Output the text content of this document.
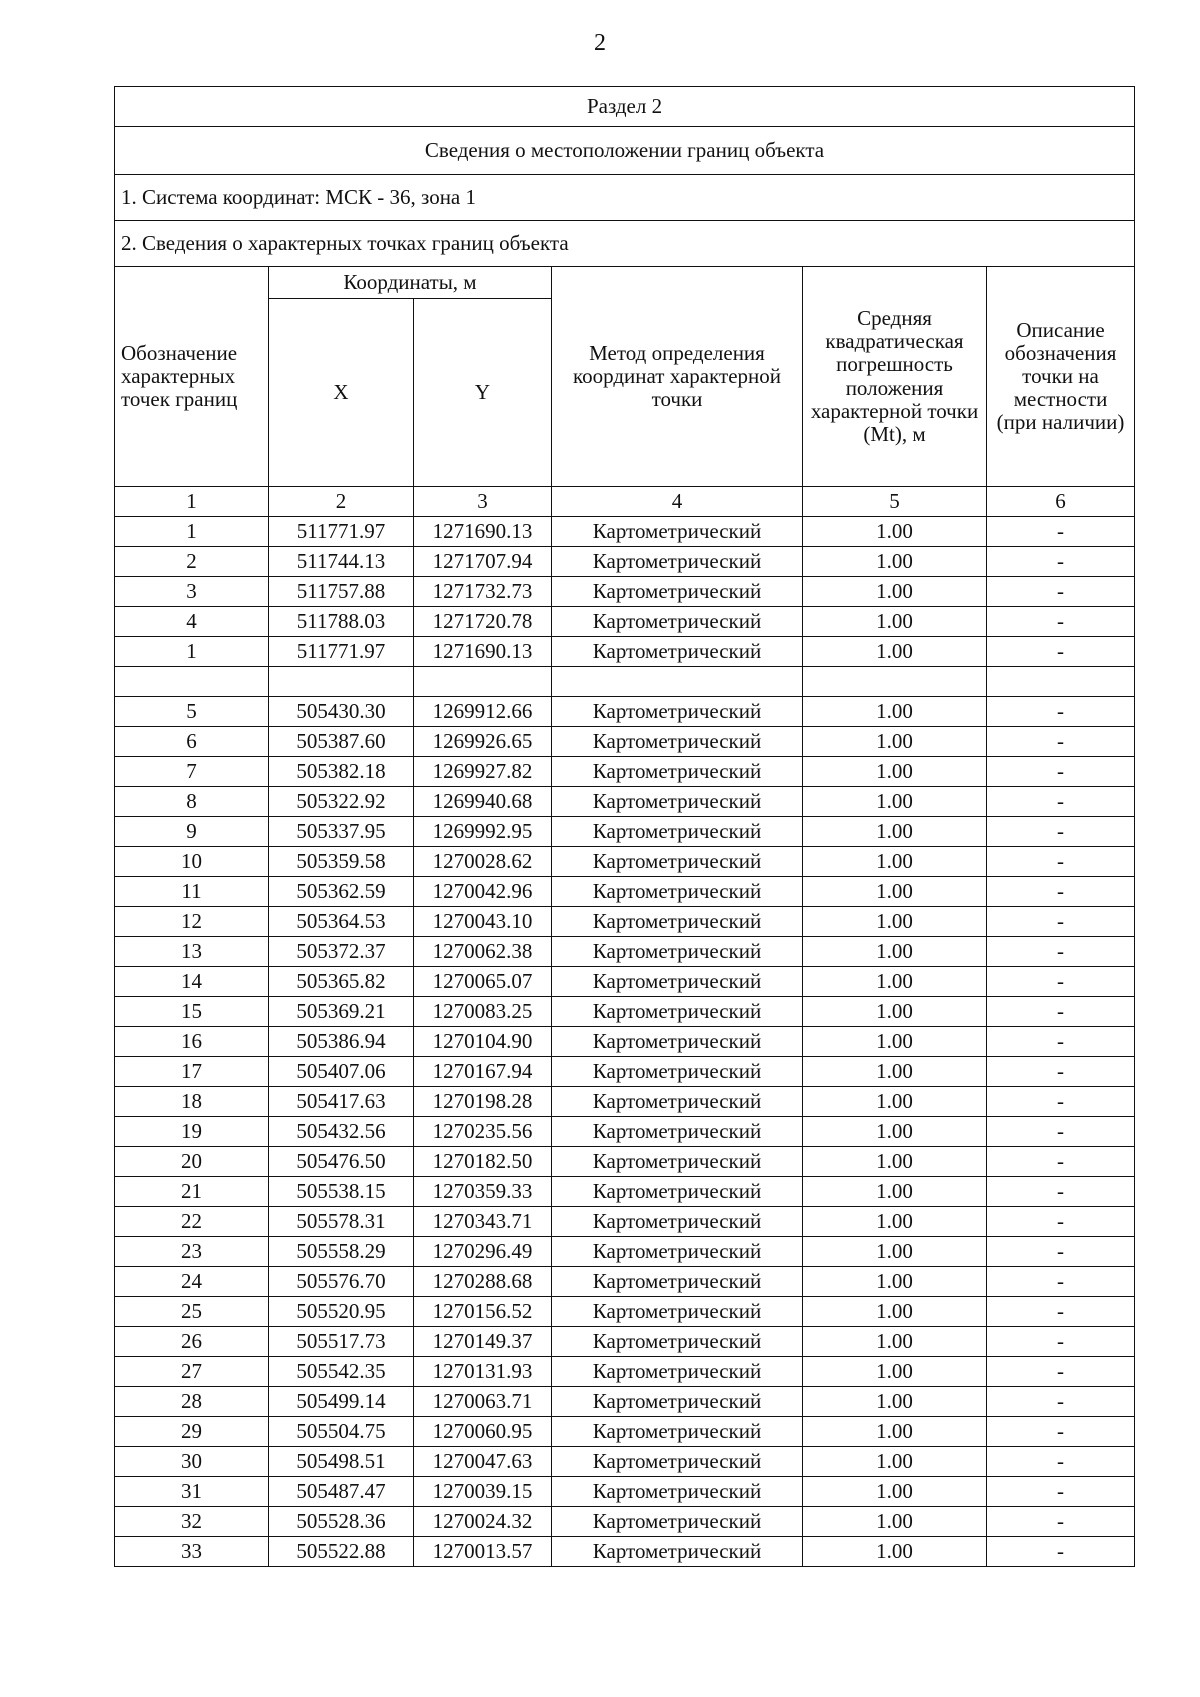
2
Раздел 2					
Сведения о местоположении границ объекта					
1. Система координат: МСК - 36, зона 1					
2. Сведения о характерных точках границ объекта					
Обозначение характерных точек границ	Координаты, м		Метод определения координат характерной точки	Средняя квадратическая погрешность положения характерной точки (Mt), м	Описание обозначения точки на местности (при наличии)
	X	Y			
1	2	3	4	5	6
1	511771.97	1271690.13	Картометрический	1.00	-
2	511744.13	1271707.94	Картометрический	1.00	-
3	511757.88	1271732.73	Картометрический	1.00	-
4	511788.03	1271720.78	Картометрический	1.00	-
1	511771.97	1271690.13	Картометрический	1.00	-

5	505430.30	1269912.66	Картометрический	1.00	-
6	505387.60	1269926.65	Картометрический	1.00	-
7	505382.18	1269927.82	Картометрический	1.00	-
8	505322.92	1269940.68	Картометрический	1.00	-
9	505337.95	1269992.95	Картометрический	1.00	-
10	505359.58	1270028.62	Картометрический	1.00	-
11	505362.59	1270042.96	Картометрический	1.00	-
12	505364.53	1270043.10	Картометрический	1.00	-
13	505372.37	1270062.38	Картометрический	1.00	-
14	505365.82	1270065.07	Картометрический	1.00	-
15	505369.21	1270083.25	Картометрический	1.00	-
16	505386.94	1270104.90	Картометрический	1.00	-
17	505407.06	1270167.94	Картометрический	1.00	-
18	505417.63	1270198.28	Картометрический	1.00	-
19	505432.56	1270235.56	Картометрический	1.00	-
20	505476.50	1270182.50	Картометрический	1.00	-
21	505538.15	1270359.33	Картометрический	1.00	-
22	505578.31	1270343.71	Картометрический	1.00	-
23	505558.29	1270296.49	Картометрический	1.00	-
24	505576.70	1270288.68	Картометрический	1.00	-
25	505520.95	1270156.52	Картометрический	1.00	-
26	505517.73	1270149.37	Картометрический	1.00	-
27	505542.35	1270131.93	Картометрический	1.00	-
28	505499.14	1270063.71	Картометрический	1.00	-
29	505504.75	1270060.95	Картометрический	1.00	-
30	505498.51	1270047.63	Картометрический	1.00	-
31	505487.47	1270039.15	Картометрический	1.00	-
32	505528.36	1270024.32	Картометрический	1.00	-
33	505522.88	1270013.57	Картометрический	1.00	-
